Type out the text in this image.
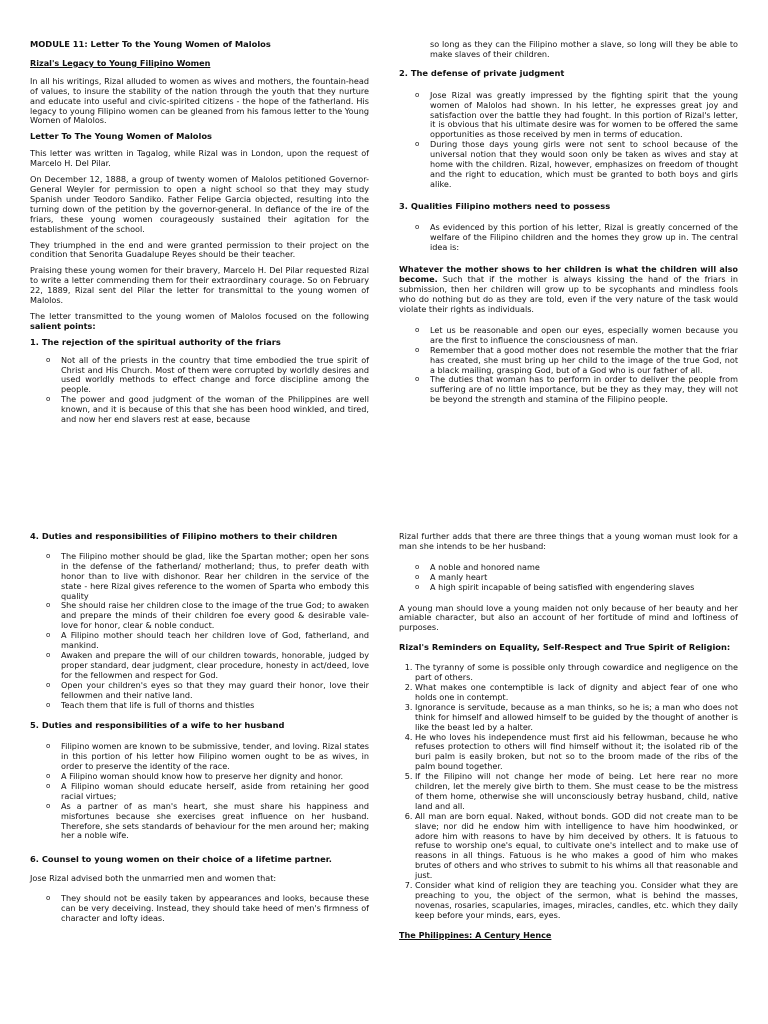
MODULE 11: Letter To the Young Women of Malolos
Rizal's Legacy to Young Filipino Women

In all his writings, Rizal alluded to women as wives and mothers, the fountain-head of values, to insure the stability of the nation through the youth that they nurture and educate into useful and civic-spirited citizens - the hope of the fatherland. His legacy to young Filipino women can be gleaned from his famous letter to the Young Women of Malolos.

Letter To The Young Women of Malolos

This letter was written in Tagalog, while Rizal was in London, upon the request of Marcelo H. Del Pilar.

On December 12, 1888, a group of twenty women of Malolos petitioned Governor-General Weyler for permission to open a night school so that they may study Spanish under Teodoro Sandiko. Father Felipe Garcia objected, resulting into the turning down of the petition by the governor-general. In defiance of the ire of the friars, these young women courageously sustained their agitation for the establishment of the school.

They triumphed in the end and were granted permission to their project on the condition that Senorita Guadalupe Reyes should be their teacher.

Praising these young women for their bravery, Marcelo H. Del Pilar requested Rizal to write a letter commending them for their extraordinary courage. So on February 22, 1889, Rizal sent del Pilar the letter for transmittal to the young women of Malolos.

The letter transmitted to the young women of Malolos focused on the following salient points:

1. The rejection of the spiritual authority of the friars
o Not all of the priests in the country that time embodied the true spirit of Christ and His Church. Most of them were corrupted by worldly desires and used worldly methods to effect change and force discipline among the people.
o The power and good judgment of the woman of the Philippines are well known, and it is because of this that she has been hood winkled, and tired, and now her end slavers rest at ease, because

so long as they can the Filipino mother a slave, so long will they be able to make slaves of their children.

2. The defense of private judgment
o Jose Rizal was greatly impressed by the fighting spirit that the young women of Malolos had shown. In his letter, he expresses great joy and satisfaction over the battle they had fought. In this portion of Rizal's letter, it is obvious that his ultimate desire was for women to be offered the same opportunities as those received by men in terms of education.
o During those days young girls were not sent to school because of the universal notion that they would soon only be taken as wives and stay at home with the children. Rizal, however, emphasizes on freedom of thought and the right to education, which must be granted to both boys and girls alike.
3. Qualities Filipino mothers need to possess
o As evidenced by this portion of his letter, Rizal is greatly concerned of the welfare of the Filipino children and the homes they grow up in. The central idea is:

Whatever the mother shows to her children is what the children will also become. Such that if the mother is always kissing the hand of the friars in submission, then her children will grow up to be sycophants and mindless fools who do nothing but do as they are told, even if the very nature of the task would violate their rights as individuals.

o Let us be reasonable and open our eyes, especially women because you are the first to influence the consciousness of man.
o Remember that a good mother does not resemble the mother that the friar has created, she must bring up her child to the image of the true God, not a black mailing, grasping God, but of a God who is our father of all.
o The duties that woman has to perform in order to deliver the people from suffering are of no little importance, but be they as they may, they will not be beyond the strength and stamina of the Filipino people.
4. Duties and responsibilities of Filipino mothers to their children
o The Filipino mother should be glad, like the Spartan mother; open her sons in the defense of the fatherland/ motherland; thus, to prefer death with honor than to live with dishonor. Rear her children in the service of the state - here Rizal gives reference to the women of Sparta who embody this quality
o She should raise her children close to the image of the true God; to awaken and prepare the minds of their children foe every good & desirable vale-love for honor, clear & noble conduct.
o A Filipino mother should teach her children love of God, fatherland, and mankind.
o Awaken and prepare the will of our children towards, honorable, judged by proper standard, dear judgment, clear procedure, honesty in act/deed, love for the fellowmen and respect for God.
o Open your children's eyes so that they may guard their honor, love their fellowmen and their native land.
o Teach them that life is full of thorns and thistles
5. Duties and responsibilities of a wife to her husband
o Filipino women are known to be submissive, tender, and loving. Rizal states in this portion of his letter how Filipino women ought to be as wives, in order to preserve the identity of the race.
o A Filipino woman should know how to preserve her dignity and honor.
o A Filipino woman should educate herself, aside from retaining her good racial virtues;
o As a partner of as man's heart, she must share his happiness and misfortunes because she exercises great influence on her husband. Therefore, she sets standards of behaviour for the men around her; making her a noble wife.
6. Counsel to young women on their choice of a lifetime partner.

Jose Rizal advised both the unmarried men and women that:

o They should not be easily taken by appearances and looks, because these can be very deceiving. Instead, they should take heed of men's firmness of character and lofty ideas.

Rizal further adds that there are three things that a young woman must look for a man she intends to be her husband:

o A noble and honored name
o A manly heart
o A high spirit incapable of being satisfied with engendering slaves

A young man should love a young maiden not only because of her beauty and her amiable character, but also an account of her fortitude of mind and loftiness of purposes.

Rizal's Reminders on Equality, Self-Respect and True Spirit of Religion:
1. The tyranny of some is possible only through cowardice and negligence on the part of others.
2. What makes one contemptible is lack of dignity and abject fear of one who holds one in contempt.
3. Ignorance is servitude, because as a man thinks, so he is; a man who does not think for himself and allowed himself to be guided by the thought of another is like the beast led by a halter.
4. He who loves his independence must first aid his fellowman, because he who refuses protection to others will find himself without it; the isolated rib of the buri palm is easily broken, but not so to the broom made of the ribs of the palm bound together.
5. If the Filipino will not change her mode of being. Let here rear no more children, let the merely give birth to them. She must cease to be the mistress of them home, otherwise she will unconsciously betray husband, child, native land and all.
6. All man are born equal. Naked, without bonds. GOD did not create man to be slave; nor did he endow him with intelligence to have him hoodwinked, or adore him with reasons to have by him deceived by others. It is fatuous to refuse to worship one's equal, to cultivate one's intellect and to make use of reasons in all things. Fatuous is he who makes a good of him who makes brutes of others and who strives to submit to his whims all that reasonable and just.
7. Consider what kind of religion they are teaching you. Consider what they are preaching to you, the object of the sermon, what is behind the masses, novenas, rosaries, scapularies, images, miracles, candles, etc. which they daily keep before your minds, ears, eyes.
The Philippines: A Century Hence
